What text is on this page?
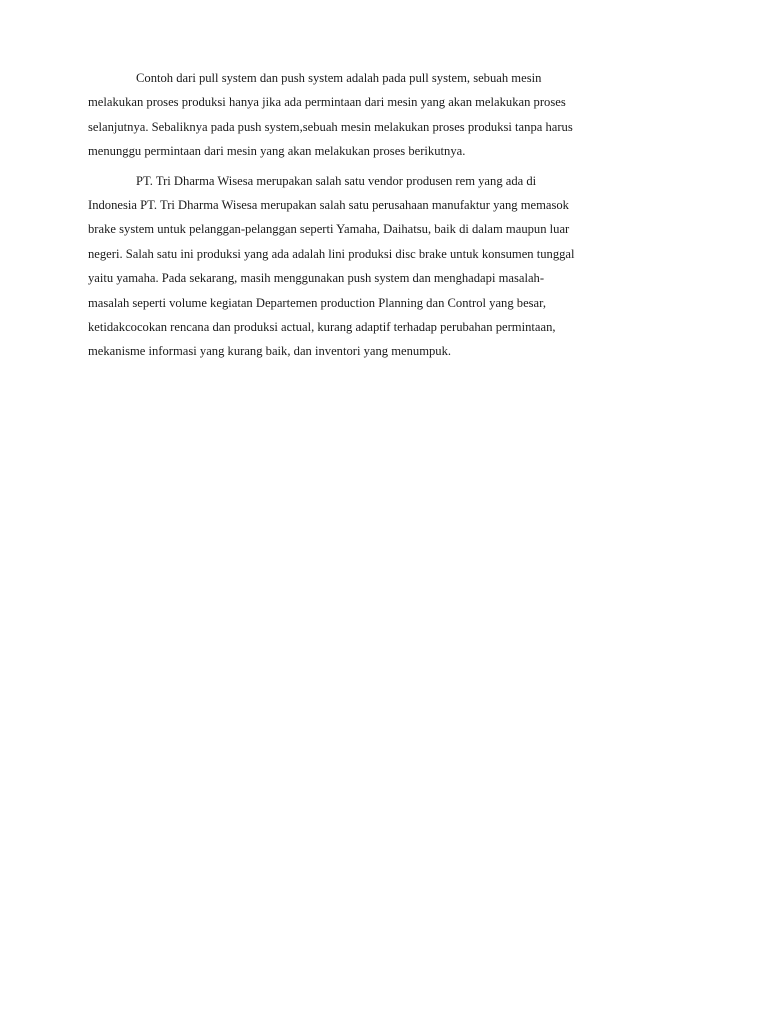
Contoh dari pull system dan push system adalah pada pull system, sebuah mesin
melakukan proses produksi hanya jika ada permintaan dari mesin yang akan melakukan proses
selanjutnya. Sebaliknya pada push system,sebuah mesin melakukan proses produksi tanpa harus
menunggu permintaan dari mesin yang akan melakukan proses berikutnya.

PT. Tri Dharma Wisesa merupakan salah satu vendor produsen rem yang ada di
Indonesia PT. Tri Dharma Wisesa merupakan salah satu perusahaan manufaktur yang memasok
brake system untuk pelanggan-pelanggan seperti Yamaha, Daihatsu, baik di dalam maupun luar
negeri. Salah satu ini produksi yang ada adalah lini produksi disc brake untuk konsumen tunggal
yaitu yamaha. Pada sekarang, masih menggunakan push system dan menghadapi masalah-
masalah seperti volume kegiatan Departemen production Planning dan Control yang besar,
ketidakcocokan rencana dan produksi actual, kurang adaptif terhadap perubahan permintaan,
mekanisme informasi yang kurang baik, dan inventori yang menumpuk.
